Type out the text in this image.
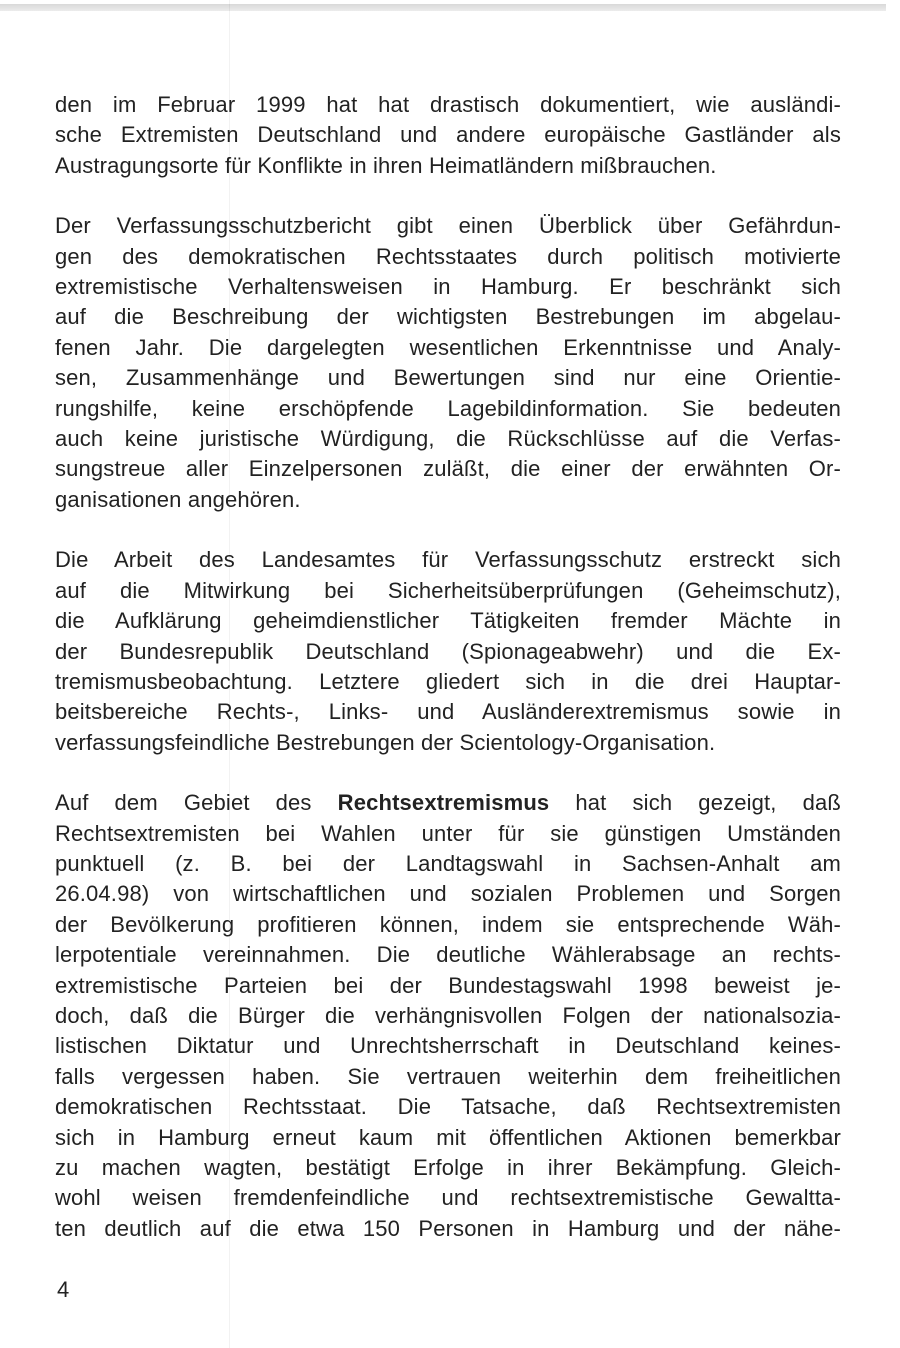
den im Februar 1999 hat hat drastisch dokumentiert, wie ausländi-
sche Extremisten Deutschland und andere europäische Gastländer als
Austragungsorte für Konflikte in ihren Heimatländern mißbrauchen.

Der Verfassungsschutzbericht gibt einen Überblick über Gefährdun-
gen des demokratischen Rechtsstaates durch politisch motivierte
extremistische Verhaltensweisen in Hamburg. Er beschränkt sich
auf die Beschreibung der wichtigsten Bestrebungen im abgelau-
fenen Jahr. Die dargelegten wesentlichen Erkenntnisse und Analy-
sen, Zusammenhänge und Bewertungen sind nur eine Orientie-
rungshilfe, keine erschöpfende Lagebildinformation. Sie bedeuten
auch keine juristische Würdigung, die Rückschlüsse auf die Verfas-
sungstreue aller Einzelpersonen zuläßt, die einer der erwähnten Or-
ganisationen angehören.

Die Arbeit des Landesamtes für Verfassungsschutz erstreckt sich
auf die Mitwirkung bei Sicherheitsüberprüfungen (Geheimschutz),
die Aufklärung geheimdienstlicher Tätigkeiten fremder Mächte in
der Bundesrepublik Deutschland (Spionageabwehr) und die Ex-
tremismusbeobachtung. Letztere gliedert sich in die drei Hauptar-
beitsbereiche Rechts-, Links- und Ausländerextremismus sowie in
verfassungsfeindliche Bestrebungen der Scientology-Organisation.

Auf dem Gebiet des Rechtsextremismus hat sich gezeigt, daß
Rechtsextremisten bei Wahlen unter für sie günstigen Umständen
punktuell (z. B. bei der Landtagswahl in Sachsen-Anhalt am
26.04.98) von wirtschaftlichen und sozialen Problemen und Sorgen
der Bevölkerung profitieren können, indem sie entsprechende Wäh-
lerpotentiale vereinnahmen. Die deutliche Wählerabsage an rechts-
extremistische Parteien bei der Bundestagswahl 1998 beweist je-
doch, daß die Bürger die verhängnisvollen Folgen der nationalsozia-
listischen Diktatur und Unrechtsherrschaft in Deutschland keines-
falls vergessen haben. Sie vertrauen weiterhin dem freiheitlichen
demokratischen Rechtsstaat. Die Tatsache, daß Rechtsextremisten
sich in Hamburg erneut kaum mit öffentlichen Aktionen bemerkbar
zu machen wagten, bestätigt Erfolge in ihrer Bekämpfung. Gleich-
wohl weisen fremdenfeindliche und rechtsextremistische Gewaltta-
ten deutlich auf die etwa 150 Personen in Hamburg und der nähe-

4
